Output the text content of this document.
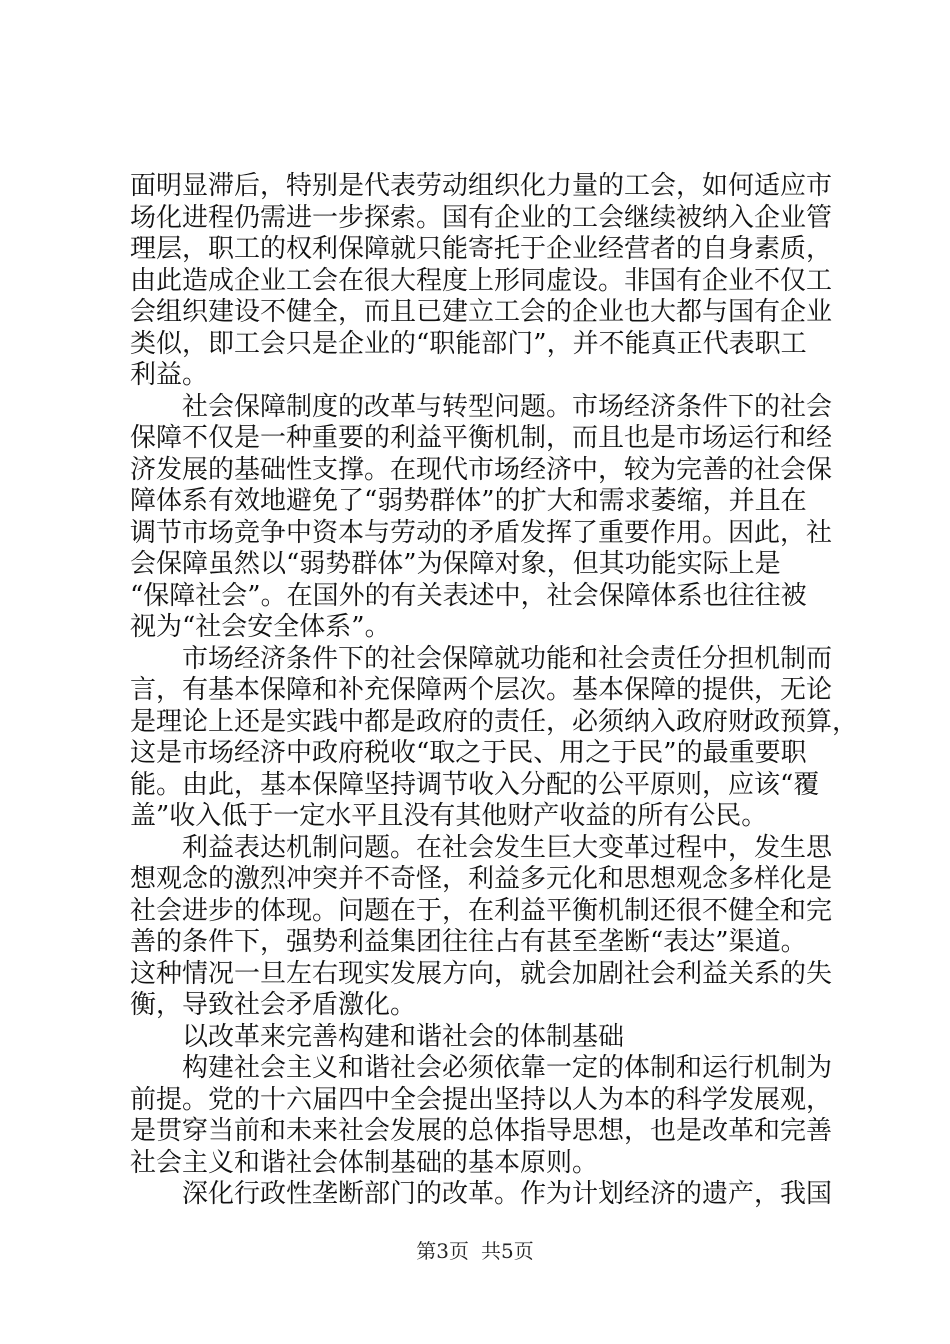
面明显滞后，特别是代表劳动组织化力量的工会，如何适应市
场化进程仍需进一步探索。国有企业的工会继续被纳入企业管
理层，职工的权利保障就只能寄托于企业经营者的自身素质，
由此造成企业工会在很大程度上形同虚设。非国有企业不仅工
会组织建设不健全，而且已建立工会的企业也大都与国有企业
类似，即工会只是企业的“职能部门”，并不能真正代表职工
利益。
社会保障制度的改革与转型问题。市场经济条件下的社会
保障不仅是一种重要的利益平衡机制，而且也是市场运行和经
济发展的基础性支撑。在现代市场经济中，较为完善的社会保
障体系有效地避免了“弱势群体”的扩大和需求萎缩，并且在
调节市场竞争中资本与劳动的矛盾发挥了重要作用。因此，社
会保障虽然以“弱势群体”为保障对象，但其功能实际上是
“保障社会”。在国外的有关表述中，社会保障体系也往往被
视为“社会安全体系”。
市场经济条件下的社会保障就功能和社会责任分担机制而
言，有基本保障和补充保障两个层次。基本保障的提供，无论
是理论上还是实践中都是政府的责任，必须纳入政府财政预算，
这是市场经济中政府税收“取之于民、用之于民”的最重要职
能。由此，基本保障坚持调节收入分配的公平原则，应该“覆
盖”收入低于一定水平且没有其他财产收益的所有公民。
利益表达机制问题。在社会发生巨大变革过程中，发生思
想观念的激烈冲突并不奇怪，利益多元化和思想观念多样化是
社会进步的体现。问题在于，在利益平衡机制还很不健全和完
善的条件下，强势利益集团往往占有甚至垄断“表达”渠道。
这种情况一旦左右现实发展方向，就会加剧社会利益关系的失
衡，导致社会矛盾激化。
以改革来完善构建和谐社会的体制基础
构建社会主义和谐社会必须依靠一定的体制和运行机制为
前提。党的十六届四中全会提出坚持以人为本的科学发展观，
是贯穿当前和未来社会发展的总体指导思想，也是改革和完善
社会主义和谐社会体制基础的基本原则。
深化行政性垄断部门的改革。作为计划经济的遗产，我国
第3页 共5页
